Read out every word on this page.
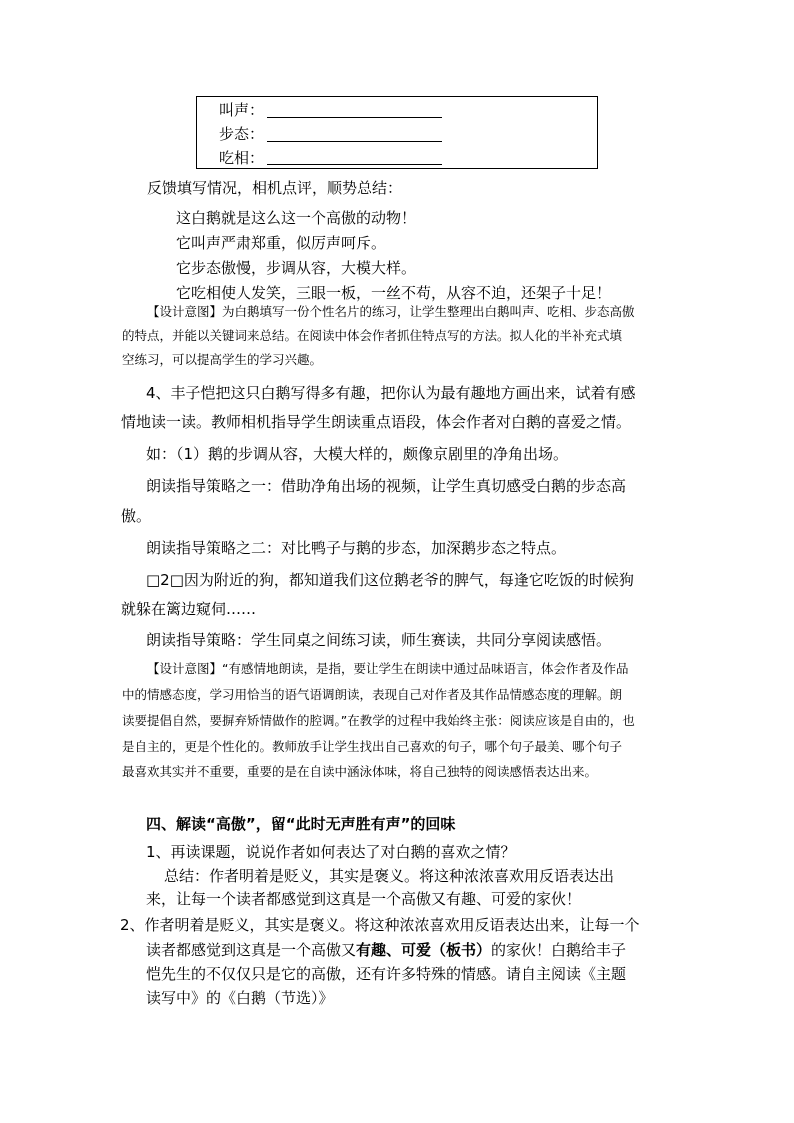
叫声：
步态：
吃相：
反馈填写情况，相机点评，顺势总结：
这白鹅就是这么这一个高傲的动物！
它叫声严肃郑重，似厉声呵斥。
它步态傲慢，步调从容，大模大样。
它吃相使人发笑，三眼一板，一丝不苟，从容不迫，还架子十足！
【设计意图】为白鹅填写一份个性名片的练习，让学生整理出白鹅叫声、吃相、步态高傲
的特点，并能以关键词来总结。在阅读中体会作者抓住特点写的方法。拟人化的半补充式填
空练习，可以提高学生的学习兴趣。
4、丰子恺把这只白鹅写得多有趣，把你认为最有趣地方画出来，试着有感
情地读一读。教师相机指导学生朗读重点语段，体会作者对白鹅的喜爱之情。
如：（1）鹅的步调从容，大模大样的，颇像京剧里的净角出场。
朗读指导策略之一：借助净角出场的视频，让学生真切感受白鹅的步态高
傲。
朗读指导策略之二：对比鸭子与鹅的步态，加深鹅步态之特点。
□2□因为附近的狗，都知道我们这位鹅老爷的脾气，每逢它吃饭的时候狗
就躲在篱边窥伺……
朗读指导策略：学生同桌之间练习读，师生赛读，共同分享阅读感悟。
【设计意图】“有感情地朗读，是指，要让学生在朗读中通过品味语言，体会作者及作品
中的情感态度，学习用恰当的语气语调朗读，表现自己对作者及其作品情感态度的理解。朗
读要提倡自然，要摒弃矫情做作的腔调。”在教学的过程中我始终主张：阅读应该是自由的，也
是自主的，更是个性化的。教师放手让学生找出自己喜欢的句子，哪个句子最美、哪个句子
最喜欢其实并不重要，重要的是在自读中涵泳体味，将自己独特的阅读感悟表达出来。
四、解读“高傲”，留“此时无声胜有声”的回味
1、再读课题，说说作者如何表达了对白鹅的喜欢之情？
总结：作者明着是贬义，其实是褒义。将这种浓浓喜欢用反语表达出
来，让每一个读者都感觉到这真是一个高傲又有趣、可爱的家伙！
2、作者明着是贬义，其实是褒义。将这种浓浓喜欢用反语表达出来，让每一个
读者都感觉到这真是一个高傲又有趣、可爱（板书）的家伙！白鹅给丰子
恺先生的不仅仅只是它的高傲，还有许多特殊的情感。请自主阅读《主题
读写中》的《白鹅（节选）》
